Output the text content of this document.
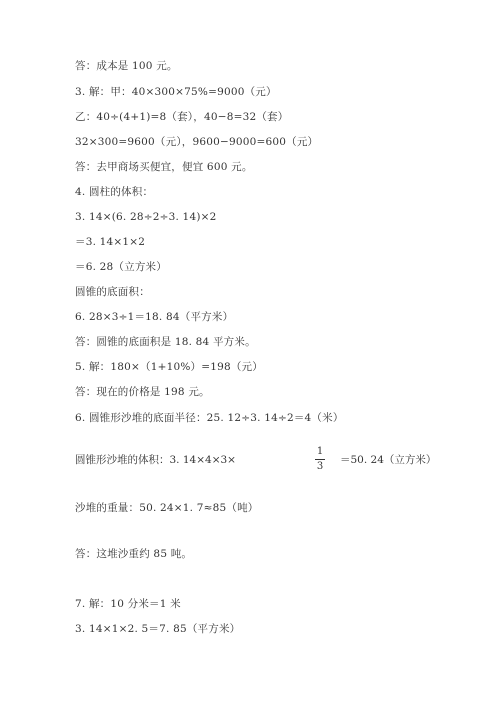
答：成本是 100 元。
3. 解：甲：40×300×75%=9000（元）
乙：40÷(4+1)=8（套），40−8=32（套）
32×300=9600（元），9600−9000=600（元）
答：去甲商场买便宜，便宜 600 元。
4. 圆柱的体积：
3. 14×(6. 28÷2÷3. 14)×2
＝3. 14×1×2
＝6. 28（立方米）
圆锥的底面积：
6. 28×3÷1＝18. 84（平方米）
答：圆锥的底面积是 18. 84 平方米。
5. 解：180×（1+10%）=198（元）
答：现在的价格是 198 元。
6. 圆锥形沙堆的底面半径：25. 12÷3. 14÷2＝4（米）
圆锥形沙堆的体积：3. 14×4×3×
1
3
＝50. 24（立方米）
沙堆的重量：50. 24×1. 7≈85（吨）
答：这堆沙重约 85 吨。
7. 解：10 分米＝1 米
3. 14×1×2. 5＝7. 85（平方米）
